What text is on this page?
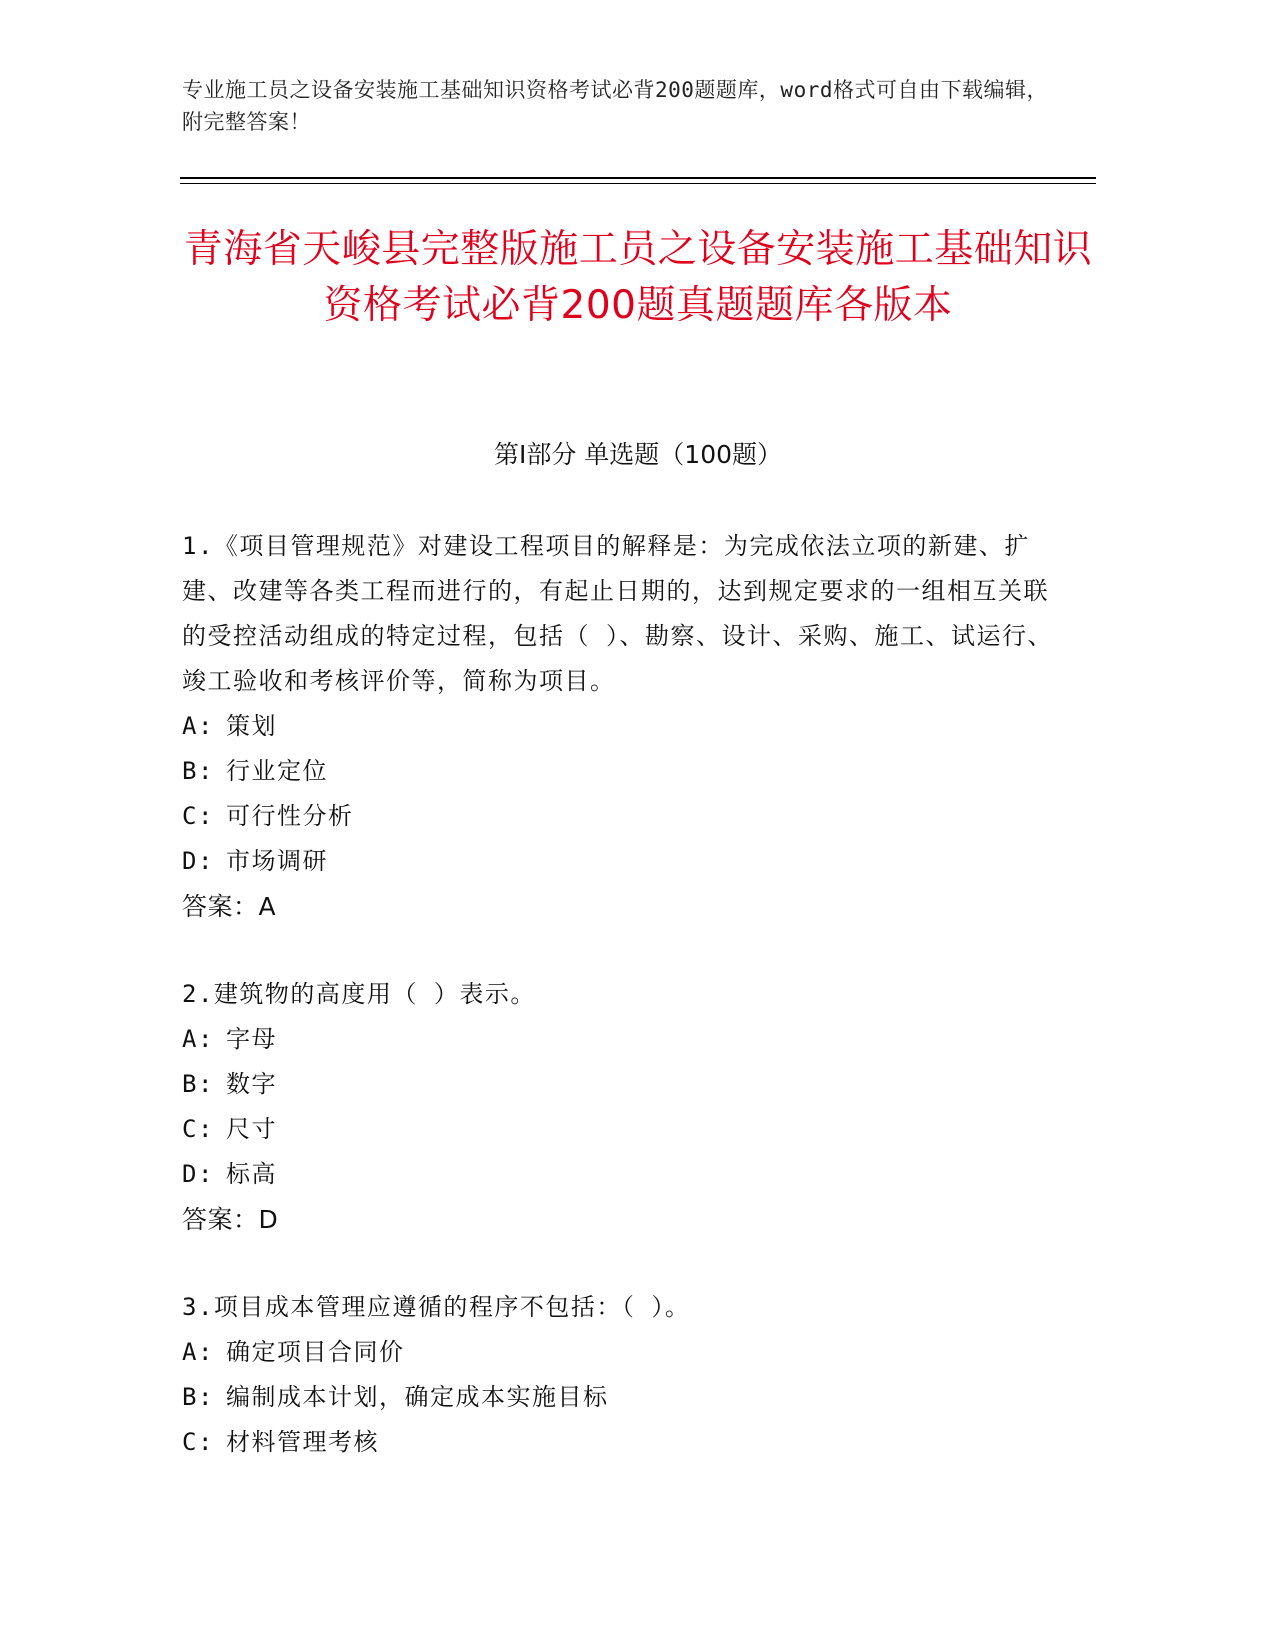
专业施工员之设备安装施工基础知识资格考试必背200题题库，word格式可自由下载编辑，附完整答案！
青海省天峻县完整版施工员之设备安装施工基础知识资格考试必背200题真题题库各版本
第Ⅰ部分 单选题（100题）
1.《项目管理规范》对建设工程项目的解释是：为完成依法立项的新建、扩建、改建等各类工程而进行的，有起止日期的，达到规定要求的一组相互关联的受控活动组成的特定过程，包括（ ）、勘察、设计、采购、施工、试运行、竣工验收和考核评价等，简称为项目。
A: 策划
B: 行业定位
C: 可行性分析
D: 市场调研
答案：A
2.建筑物的高度用（ ）表示。
A: 字母
B: 数字
C: 尺寸
D: 标高
答案：D
3.项目成本管理应遵循的程序不包括：（ ）。
A: 确定项目合同价
B: 编制成本计划，确定成本实施目标
C: 材料管理考核
